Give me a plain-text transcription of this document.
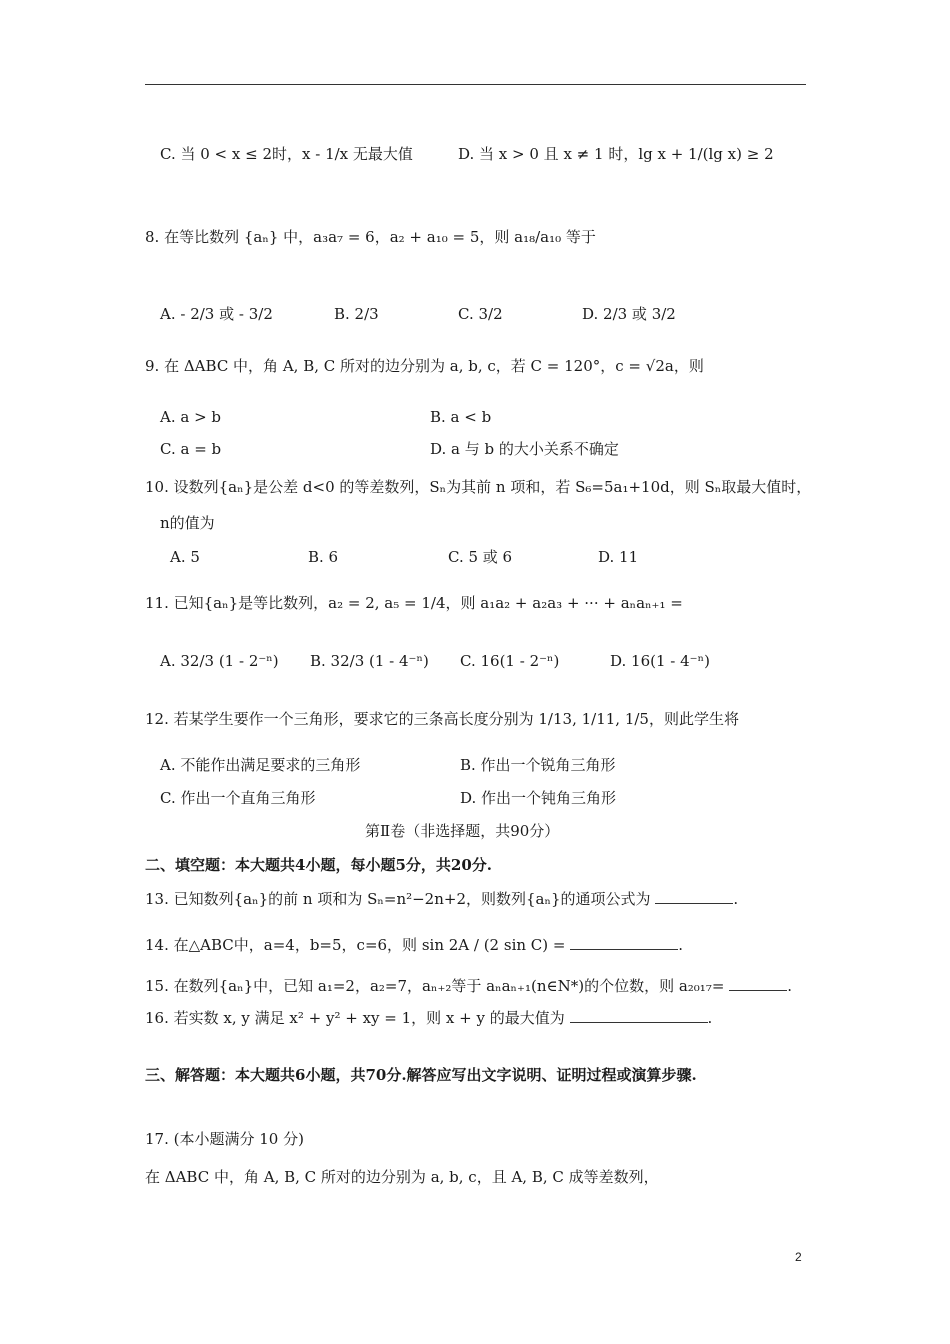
C. 当 0 < x ≤ 2时，x - 1/x 无最大值	D. 当 x > 0 且 x ≠ 1 时，lg x + 1/(lg x) ≥ 2
8. 在等比数列 {aₙ} 中，a₃a₇ = 6，a₂ + a₁₀ = 5，则 a₁₈/a₁₀ 等于
A. - 2/3 或 - 3/2	B. 2/3	C. 3/2	D. 2/3 或 3/2
9. 在 ΔABC 中，角 A, B, C 所对的边分别为 a, b, c，若 C = 120°，c = √2a，则
A. a > b	B. a < b
C. a = b	D. a 与 b 的大小关系不确定
10. 设数列{aₙ}是公差 d<0 的等差数列，Sₙ为其前 n 项和，若 S₆=5a₁+10d，则 Sₙ取最大值时，
n的值为
A. 5	B. 6	C. 5 或 6	D. 11
11. 已知{aₙ}是等比数列，a₂ = 2, a₅ = 1/4，则 a₁a₂ + a₂a₃ + ··· + aₙaₙ₊₁ =
A. 32/3 (1 - 2⁻ⁿ) B. 32/3 (1 - 4⁻ⁿ) C. 16(1 - 2⁻ⁿ)	D. 16(1 - 4⁻ⁿ)
12. 若某学生要作一个三角形，要求它的三条高长度分别为 1/13, 1/11, 1/5，则此学生将
A. 不能作出满足要求的三角形	B. 作出一个锐角三角形
C. 作出一个直角三角形	D. 作出一个钝角三角形
第Ⅱ卷（非选择题，共90分）
二、填空题：本大题共4小题，每小题5分，共20分.
13. 已知数列{aₙ}的前 n 项和为 Sₙ=n²−2n+2，则数列{aₙ}的通项公式为	.
14. 在△ABC中，a=4，b=5，c=6，则 sin 2A / (2 sin C) =	.
15. 在数列{aₙ}中，已知 a₁=2，a₂=7，aₙ₊₂等于 aₙaₙ₊₁(n∈N*)的个位数，则 a₂₀₁₇=	.
16. 若实数 x, y 满足 x² + y² + xy = 1，则 x + y 的最大值为	.
三、解答题：本大题共6小题，共70分.解答应写出文字说明、证明过程或演算步骤.
17. (本小题满分 10 分)
在 ΔABC 中，角 A, B, C 所对的边分别为 a, b, c，且 A, B, C 成等差数列，
2
